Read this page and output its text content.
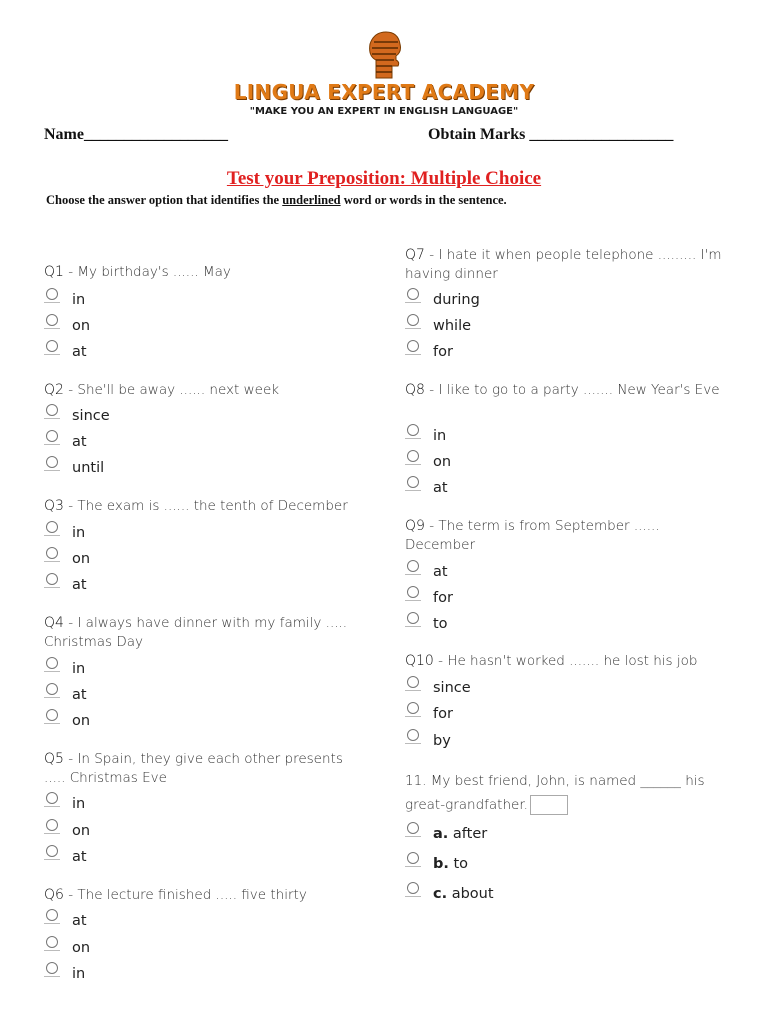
LINGUA EXPERT ACADEMY
"MAKE YOU AN EXPERT IN ENGLISH LANGUAGE"
Name__________________	Obtain Marks __________________
Test your Preposition: Multiple Choice
Choose the answer option that identifies the underlined word or words in the sentence.
Q1 - My birthday's ...... May
in
on
at
Q2 - She'll be away ...... next week
since
at
until
Q3 - The exam is ...... the tenth of December
in
on
at
Q4 - I always have dinner with my family ..... Christmas Day
in
at
on
Q5 - In Spain, they give each other presents ..... Christmas Eve
in
on
at
Q6 - The lecture finished ..... five thirty
at
on
in
Q7 - I hate it when people telephone ......... I'm having dinner
during
while
for
Q8 - I like to go to a party ....... New Year's Eve
in
on
at
Q9 - The term is from September ...... December
at
for
to
Q10 - He hasn't worked ....... he lost his job
since
for
by
11. My best friend, John, is named ______ his great-grandfather.
a. after
b. to
c. about
